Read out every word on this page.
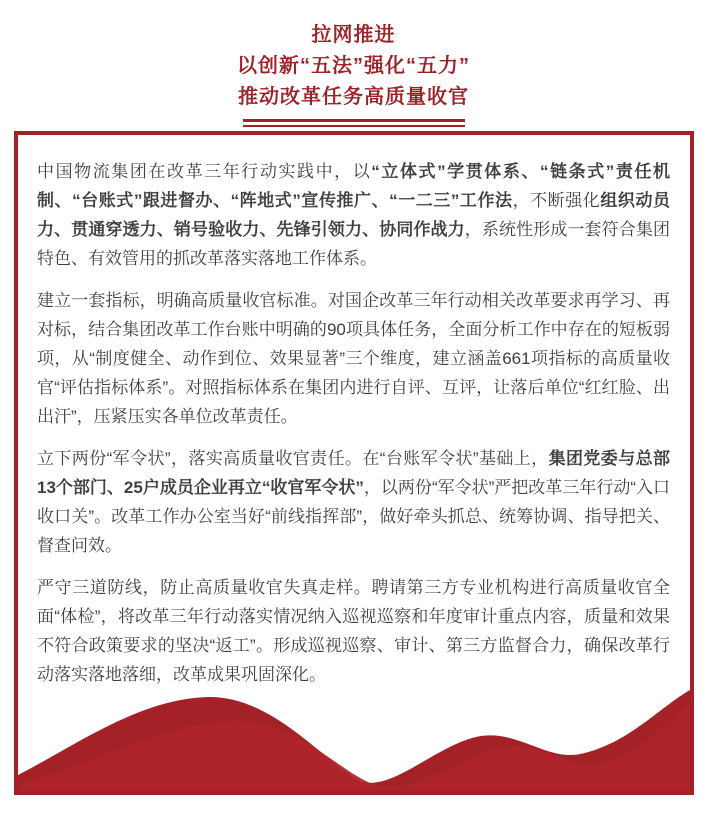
拉网推进
以创新“五法”强化“五力”
推动改革任务高质量收官

中国物流集团在改革三年行动实践中，以“立体式”学贯体系、“链条式”责任机制、“台账式”跟进督办、“阵地式”宣传推广、“一二三”工作法，不断强化组织动员力、贯通穿透力、销号验收力、先锋引领力、协同作战力，系统性形成一套符合集团特色、有效管用的抓改革落实落地工作体系。

建立一套指标，明确高质量收官标准。对国企改革三年行动相关改革要求再学习、再对标，结合集团改革工作台账中明确的90项具体任务，全面分析工作中存在的短板弱项，从“制度健全、动作到位、效果显著”三个维度，建立涵盖661项指标的高质量收官“评估指标体系”。对照指标体系在集团内进行自评、互评，让落后单位“红红脸、出出汗”，压紧压实各单位改革责任。

立下两份“军令状”，落实高质量收官责任。在“台账军令状”基础上，集团党委与总部13个部门、25户成员企业再立“收官军令状”，以两份“军令状”严把改革三年行动“入口收口关”。改革工作办公室当好“前线指挥部”，做好牵头抓总、统筹协调、指导把关、督查问效。

严守三道防线，防止高质量收官失真走样。聘请第三方专业机构进行高质量收官全面“体检”，将改革三年行动落实情况纳入巡视巡察和年度审计重点内容，质量和效果不符合政策要求的坚决“返工”。形成巡视巡察、审计、第三方监督合力，确保改革行动落实落地落细，改革成果巩固深化。
